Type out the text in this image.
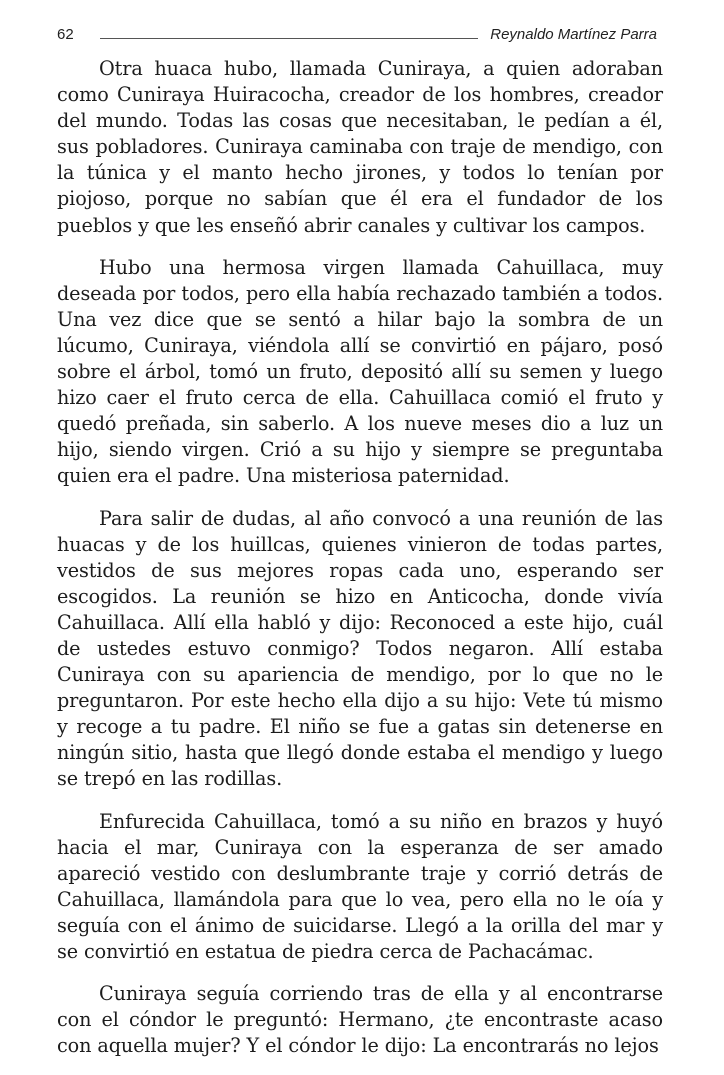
62	Reynaldo Martínez Parra

Otra huaca hubo, llamada Cuniraya, a quien adoraban como Cuniraya Huiracocha, creador de los hombres, creador del mundo. Todas las cosas que necesitaban, le pedían a él, sus pobladores. Cuniraya caminaba con traje de mendigo, con la túnica y el manto hecho jirones, y todos lo tenían por piojoso, porque no sabían que él era el fundador de los pueblos y que les enseñó abrir canales y cultivar los campos.

Hubo una hermosa virgen llamada Cahuillaca, muy deseada por todos, pero ella había rechazado también a todos. Una vez dice que se sentó a hilar bajo la sombra de un lúcumo, Cuniraya, viéndola allí se convirtió en pájaro, posó sobre el árbol, tomó un fruto, depositó allí su semen y luego hizo caer el fruto cerca de ella. Cahuillaca comió el fruto y quedó preñada, sin saberlo. A los nueve meses dio a luz un hijo, siendo virgen. Crió a su hijo y siempre se preguntaba quien era el padre. Una misteriosa paternidad.

Para salir de dudas, al año convocó a una reunión de las huacas y de los huillcas, quienes vinieron de todas partes, vestidos de sus mejores ropas cada uno, esperando ser escogidos. La reunión se hizo en Anticocha, donde vivía Cahuillaca. Allí ella habló y dijo: Reconoced a este hijo, cuál de ustedes estuvo conmigo? Todos negaron. Allí estaba Cuniraya con su apariencia de mendigo, por lo que no le preguntaron. Por este hecho ella dijo a su hijo: Vete tú mismo y recoge a tu padre. El niño se fue a gatas sin detenerse en ningún sitio, hasta que llegó donde estaba el mendigo y luego se trepó en las rodillas.

Enfurecida Cahuillaca, tomó a su niño en brazos y huyó hacia el mar, Cuniraya con la esperanza de ser amado apareció vestido con deslumbrante traje y corrió detrás de Cahuillaca, llamándola para que lo vea, pero ella no le oía y seguía con el ánimo de suicidarse. Llegó a la orilla del mar y se convirtió en estatua de piedra cerca de Pachacámac.

Cuniraya seguía corriendo tras de ella y al encontrarse con el cóndor le preguntó: Hermano, ¿te encontraste acaso con aquella mujer? Y el cóndor le dijo: La encontrarás no lejos
